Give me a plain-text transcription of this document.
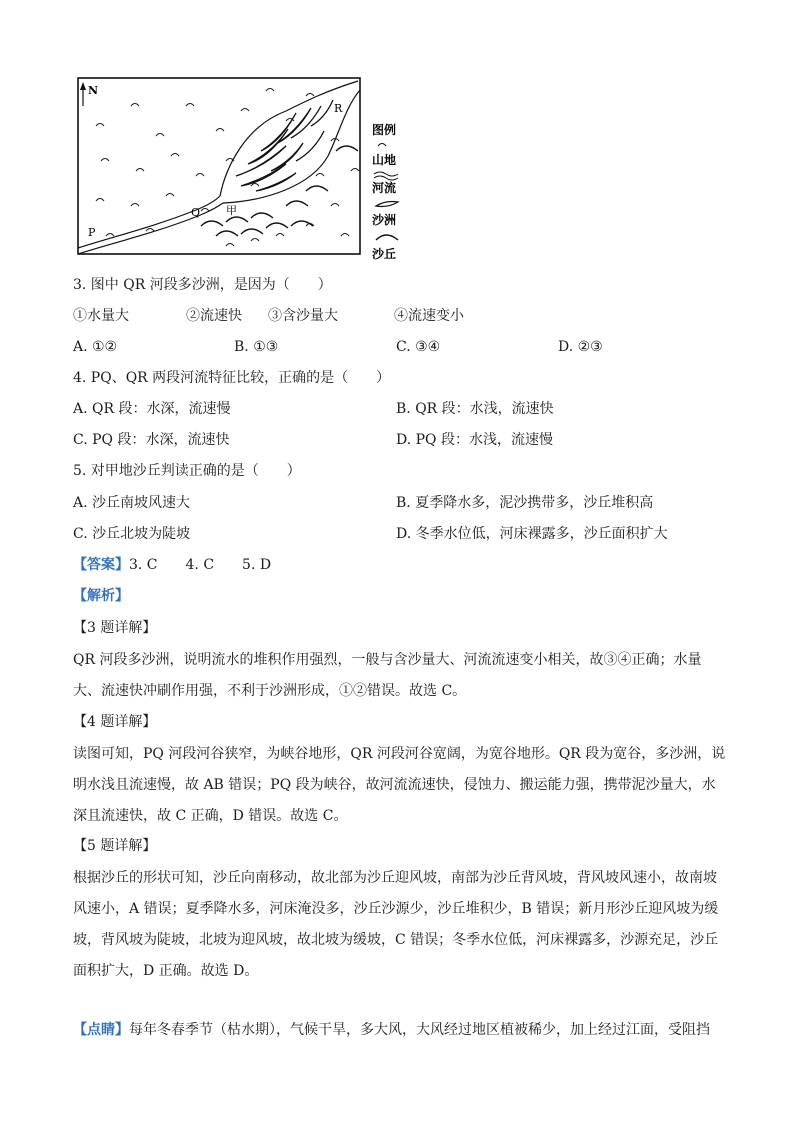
N
P
Q
R
甲
图例
山地
河流
沙洲
沙丘
3. 图中 QR 河段多沙洲，是因为（　　）
①水量大	②流速快 ③含沙量大	④流速变小
A. ①②	B. ①③	C. ③④	D. ②③
4. PQ、QR 两段河流特征比较，正确的是（　　）
A. QR 段：水深，流速慢	B. QR 段：水浅，流速快
C. PQ 段：水深，流速快	D. PQ 段：水浅，流速慢
5. 对甲地沙丘判读正确的是（　　）
A. 沙丘南坡风速大	B. 夏季降水多，泥沙携带多，沙丘堆积高
C. 沙丘北坡为陡坡	D. 冬季水位低，河床裸露多，沙丘面积扩大
【答案】3. C　　4. C　　5. D
【解析】
【3 题详解】
QR 河段多沙洲，说明流水的堆积作用强烈，一般与含沙量大、河流流速变小相关，故③④正确；水量
大、流速快冲刷作用强，不利于沙洲形成，①②错误。故选 C。
【4 题详解】
读图可知，PQ 河段河谷狭窄，为峡谷地形，QR 河段河谷宽阔，为宽谷地形。QR 段为宽谷，多沙洲，说
明水浅且流速慢，故 AB 错误；PQ 段为峡谷，故河流流速快，侵蚀力、搬运能力强，携带泥沙量大，水
深且流速快，故 C 正确，D 错误。故选 C。
【5 题详解】
根据沙丘的形状可知，沙丘向南移动，故北部为沙丘迎风坡，南部为沙丘背风坡，背风坡风速小，故南坡
风速小，A 错误；夏季降水多，河床淹没多，沙丘沙源少，沙丘堆积少，B 错误；新月形沙丘迎风坡为缓
坡，背风坡为陡坡，北坡为迎风坡，故北坡为缓坡，C 错误；冬季水位低，河床裸露多，沙源充足，沙丘
面积扩大，D 正确。故选 D。
【点睛】每年冬春季节（枯水期），气候干旱，多大风，大风经过地区植被稀少，加上经过江面，受阻挡
